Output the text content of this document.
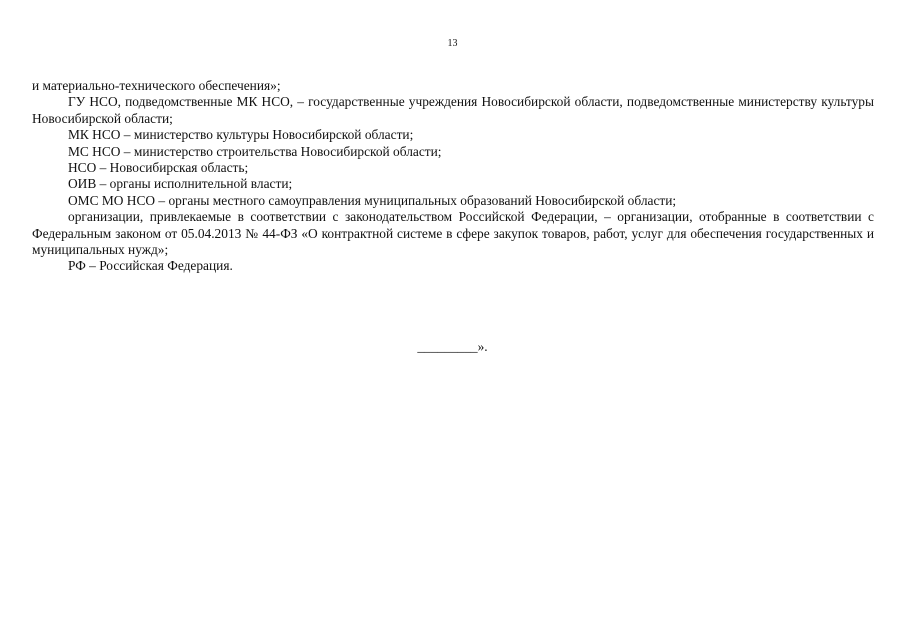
13

и материально-технического обеспечения»;

ГУ НСО, подведомственные МК НСО, – государственные учреждения Новосибирской области, подведомственные министерству культуры Новосибирской области;

МК НСО – министерство культуры Новосибирской области;

МС НСО – министерство строительства Новосибирской области;

НСО – Новосибирская область;

ОИВ – органы исполнительной власти;

ОМС МО НСО – органы местного самоуправления муниципальных образований Новосибирской области;

организации, привлекаемые в соответствии с законодательством Российской Федерации, – организации, отобранные в соответствии с Федеральным законом от 05.04.2013 № 44-ФЗ «О контрактной системе в сфере закупок товаров, работ, услуг для обеспечения государственных и муниципальных нужд»;

РФ – Российская Федерация.

_________».
